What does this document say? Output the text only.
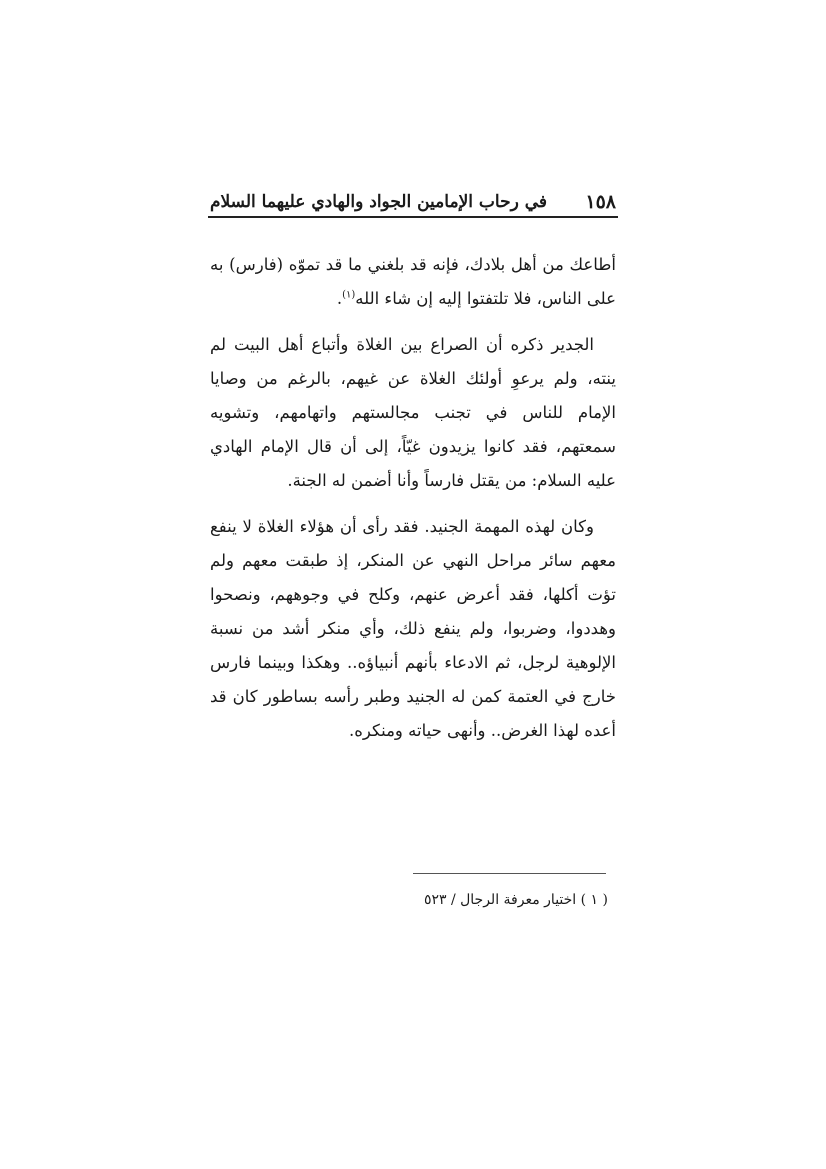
١٥٨
في رحاب الإمامين الجواد والهادي عليهما السلام

أطاعك من أهل بلادك، فإنه قد بلغني ما قد تموّه (فارس) به على الناس، فلا تلتفتوا إليه إن شاء الله$^{(١)}$.

الجدير ذكره أن الصراع بين الغلاة وأتباع أهل البيت لم ينته، ولم يرعوِ أولئك الغلاة عن غيهم، بالرغم من وصايا الإمام للناس في تجنب مجالستهم واتهامهم، وتشويه سمعتهم، فقد كانوا يزيدون غيّاً، إلى أن قال الإمام الهادي عليه السلام: من يقتل فارساً وأنا أضمن له الجنة.

وكان لهذه المهمة الجنيد. فقد رأى أن هؤلاء الغلاة لا ينفع معهم سائر مراحل النهي عن المنكر، إذ طبقت معهم ولم تؤت أكلها، فقد أعرض عنهم، وكلح في وجوههم، ونصحوا وهددوا، وضربوا، ولم ينفع ذلك، وأي منكر أشد من نسبة الإلوهية لرجل، ثم الادعاء بأنهم أنبياؤه.. وهكذا وبينما فارس خارج في العتمة كمن له الجنيد وطبر رأسه بساطور كان قد أعده لهذا الغرض.. وأنهى حياته ومنكره.

( ١ ) اختيار معرفة الرجال / ٥٢٣
